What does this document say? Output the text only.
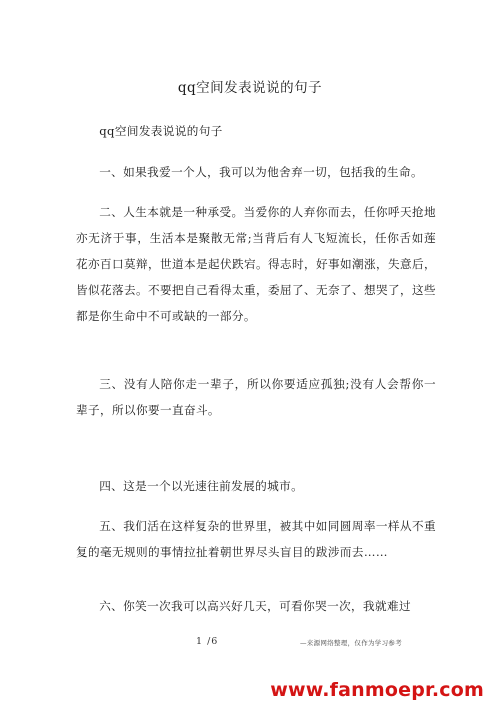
qq空间发表说说的句子

qq空间发表说说的句子

一、如果我爱一个人，我可以为他舍弃一切，包括我的生命。

二、人生本就是一种承受。当爱你的人弃你而去，任你呼天抢地亦无济于事，生活本是聚散无常;当背后有人飞短流长，任你舌如莲花亦百口莫辩，世道本是起伏跌宕。得志时，好事如潮涨，失意后，皆似花落去。不要把自己看得太重，委屈了、无奈了、想哭了，这些都是你生命中不可或缺的一部分。

三、没有人陪你走一辈子，所以你要适应孤独;没有人会帮你一辈子，所以你要一直奋斗。

四、这是一个以光速往前发展的城市。

五、我们活在这样复杂的世界里，被其中如同圆周率一样从不重复的毫无规则的事情拉扯着朝世界尽头盲目的跋涉而去……

六、你笑一次我可以高兴好几天，可看你哭一次，我就难过

1 /6	—来源网络整理，仅作为学习参考
www.fanmoepr.com
